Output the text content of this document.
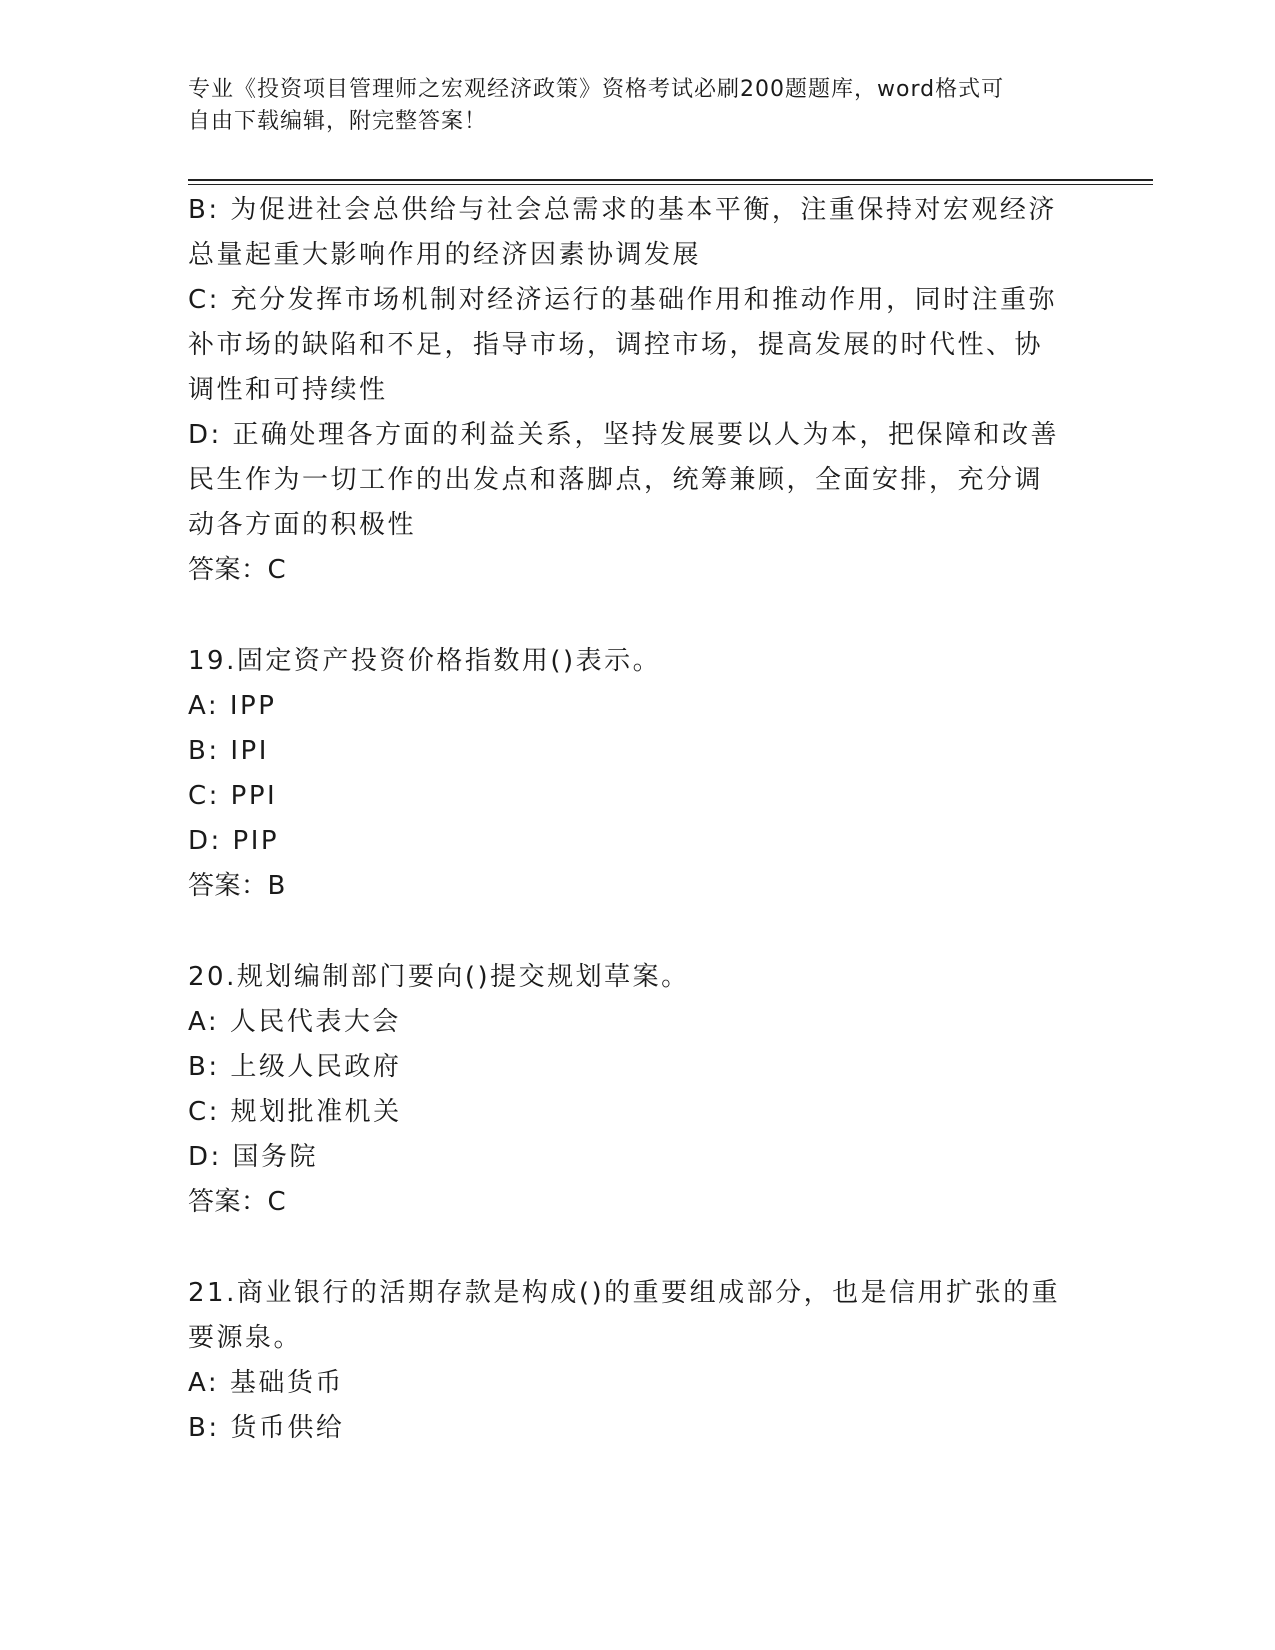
专业《投资项目管理师之宏观经济政策》资格考试必刷200题题库，word格式可
自由下载编辑，附完整答案！
B: 为促进社会总供给与社会总需求的基本平衡，注重保持对宏观经济
总量起重大影响作用的经济因素协调发展
C: 充分发挥市场机制对经济运行的基础作用和推动作用，同时注重弥
补市场的缺陷和不足，指导市场，调控市场，提高发展的时代性、协
调性和可持续性
D: 正确处理各方面的利益关系，坚持发展要以人为本，把保障和改善
民生作为一切工作的出发点和落脚点，统筹兼顾，全面安排，充分调
动各方面的积极性
答案：C
19.固定资产投资价格指数用()表示。
A: IPP
B: IPI
C: PPI
D: PIP
答案：B
20.规划编制部门要向()提交规划草案。
A: 人民代表大会
B: 上级人民政府
C: 规划批准机关
D: 国务院
答案：C
21.商业银行的活期存款是构成()的重要组成部分，也是信用扩张的重
要源泉。
A: 基础货币
B: 货币供给
